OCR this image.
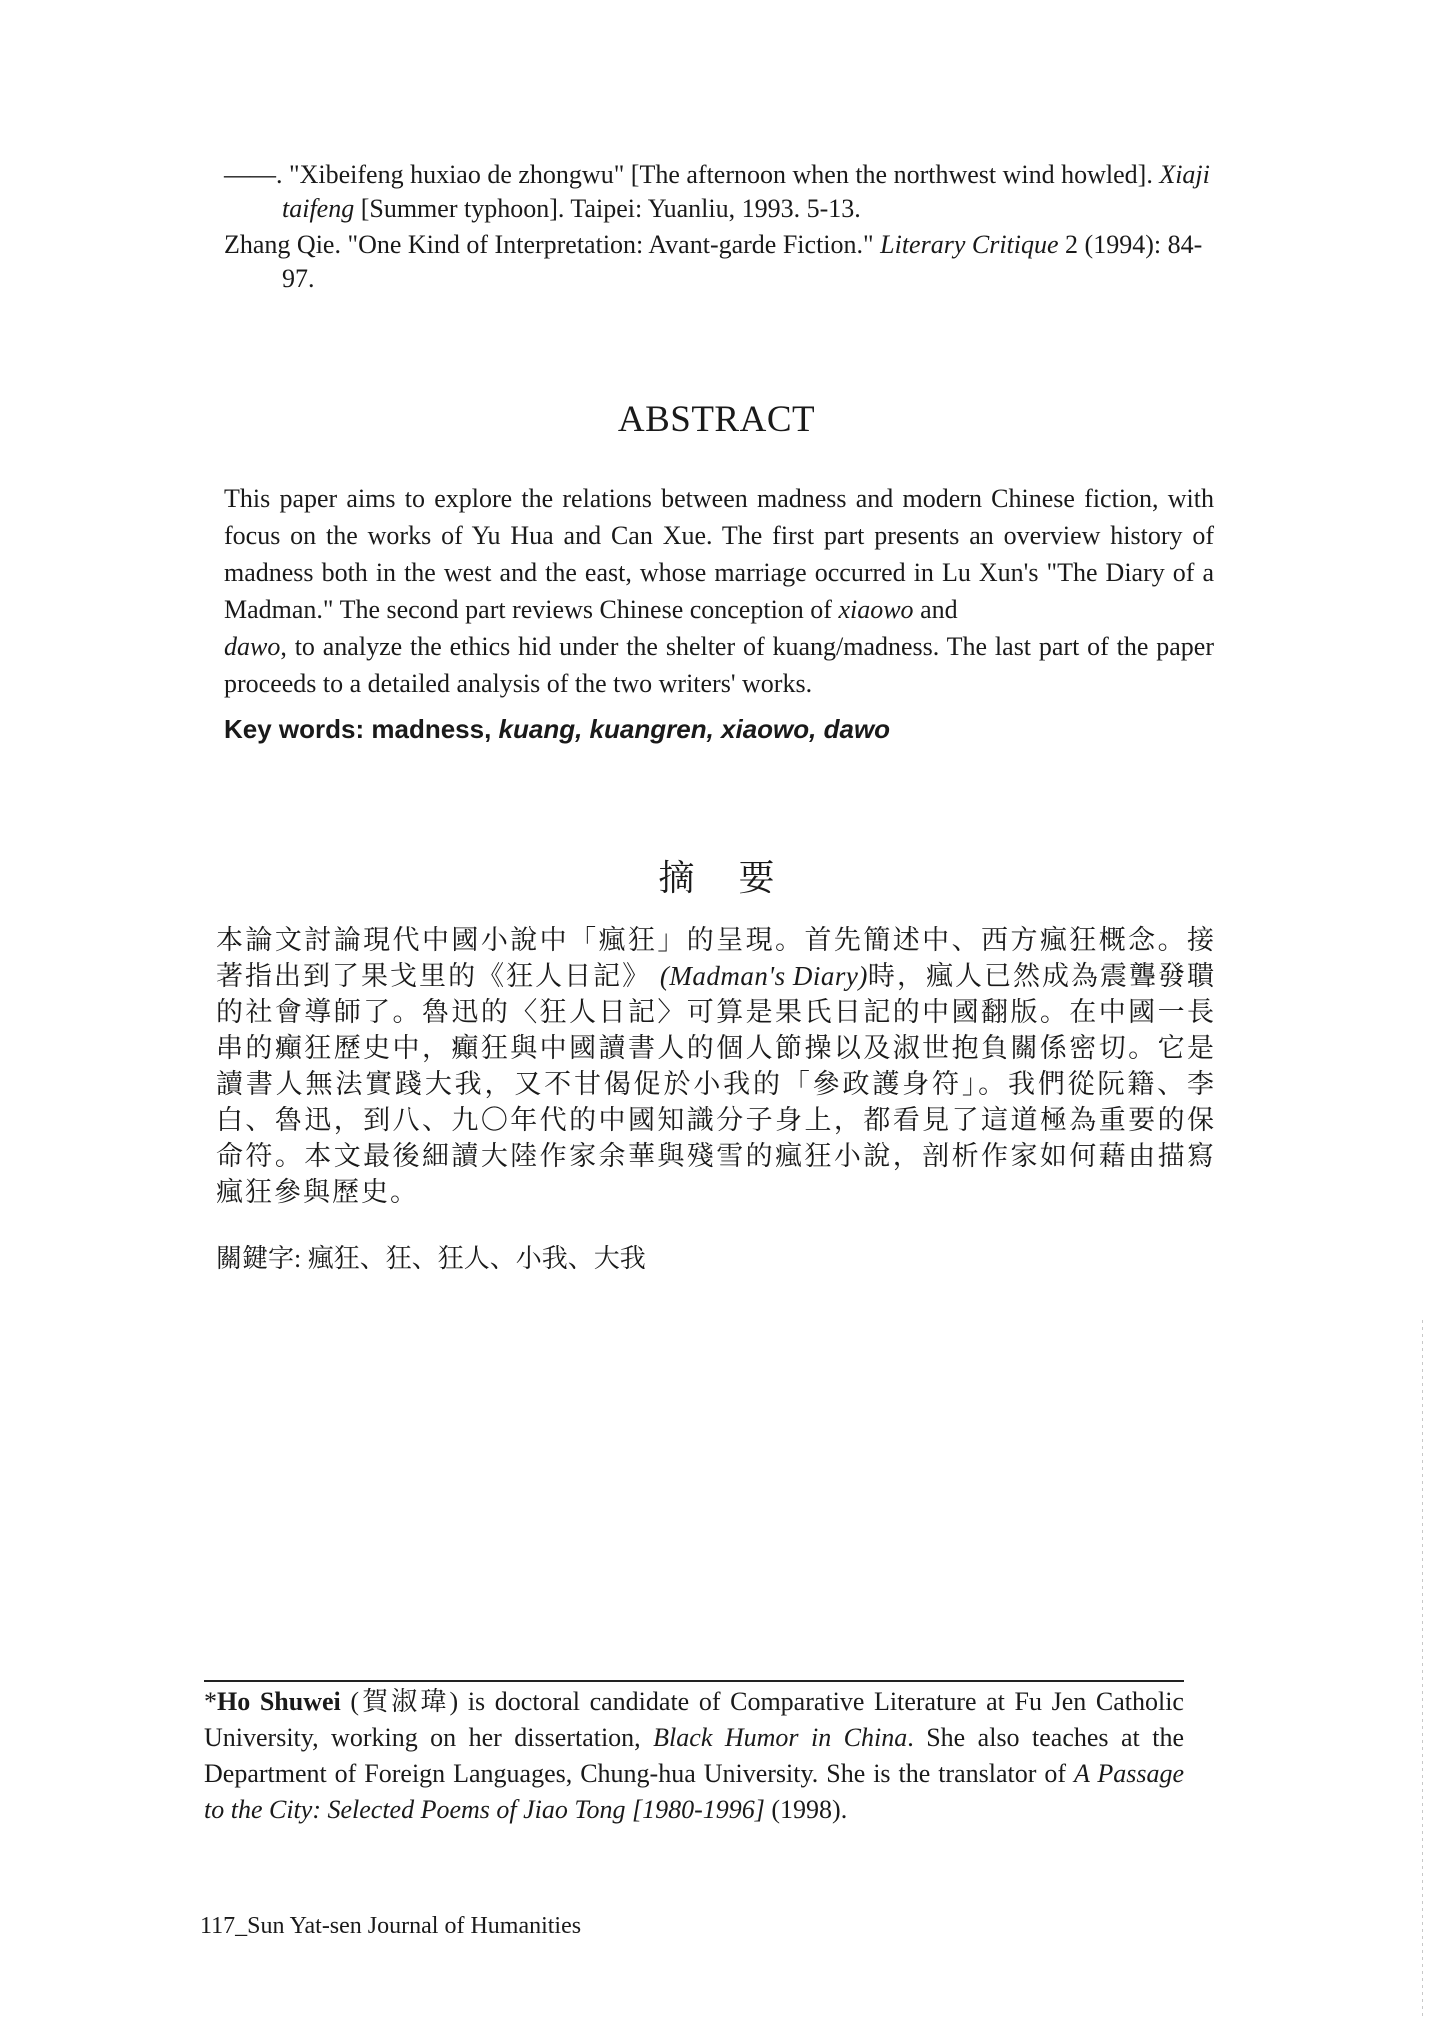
——. "Xibeifeng huxiao de zhongwu" [The afternoon when the northwest wind howled]. Xiaji taifeng [Summer typhoon]. Taipei: Yuanliu, 1993. 5-13.
Zhang Qie. "One Kind of Interpretation: Avant-garde Fiction." Literary Critique 2 (1994): 84-97.
ABSTRACT
This paper aims to explore the relations between madness and modern Chinese fiction, with focus on the works of Yu Hua and Can Xue. The first part presents an overview history of madness both in the west and the east, whose marriage occurred in Lu Xun's "The Diary of a Madman." The second part reviews Chinese conception of xiaowo and
dawo, to analyze the ethics hid under the shelter of kuang/madness. The last part of the paper proceeds to a detailed analysis of the two writers' works.
Key words: madness, kuang, kuangren, xiaowo, dawo
摘要
本論文討論現代中國小說中「瘋狂」的呈現。首先簡述中、西方瘋狂概念。接著指出到了果戈里的《狂人日記》 (Madman's Diary)時，瘋人已然成為震聾發聵的社會導師了。魯迅的〈狂人日記〉可算是果氏日記的中國翻版。在中國一長串的癲狂歷史中，癲狂與中國讀書人的個人節操以及淑世抱負關係密切。它是讀書人無法實踐大我，又不甘偈促於小我的「參政護身符」。我們從阮籍、李白、魯迅，到八、九〇年代的中國知識分子身上，都看見了這道極為重要的保命符。本文最後細讀大陸作家余華與殘雪的瘋狂小說，剖析作家如何藉由描寫瘋狂參與歷史。
關鍵字: 瘋狂、狂、狂人、小我、大我
*Ho Shuwei (賀淑瑋) is doctoral candidate of Comparative Literature at Fu Jen Catholic University, working on her dissertation, Black Humor in China. She also teaches at the Department of Foreign Languages, Chung-hua University. She is the translator of A Passage to the City: Selected Poems of Jiao Tong [1980-1996] (1998).
117_Sun Yat-sen Journal of Humanities
